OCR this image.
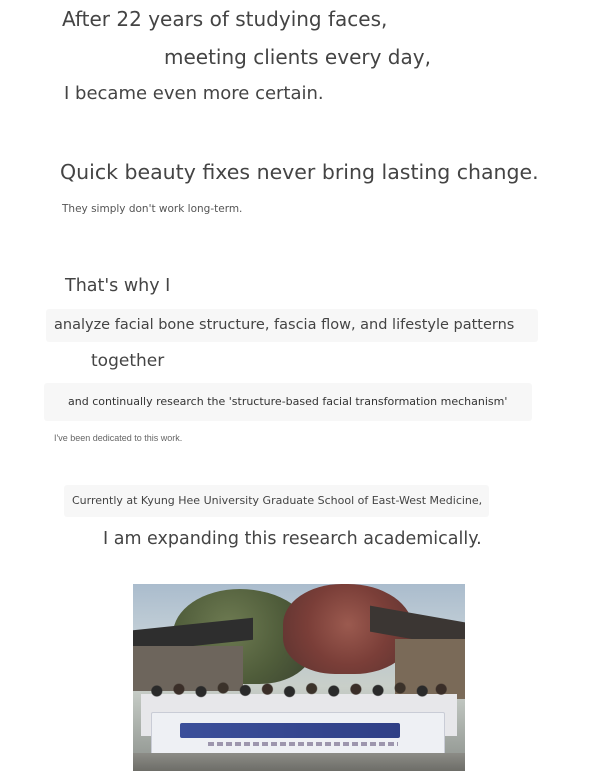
After 22 years of studying faces,

meeting clients every day,

I became even more certain.

Quick beauty fixes never bring lasting change.

They simply don't work long-term.

That's why I

analyze facial bone structure, fascia flow, and lifestyle patterns

together

and continually research the 'structure-based facial transformation mechanism'

I've been dedicated to this work.

Currently at Kyung Hee University Graduate School of East-West Medicine,

I am expanding this research academically.
